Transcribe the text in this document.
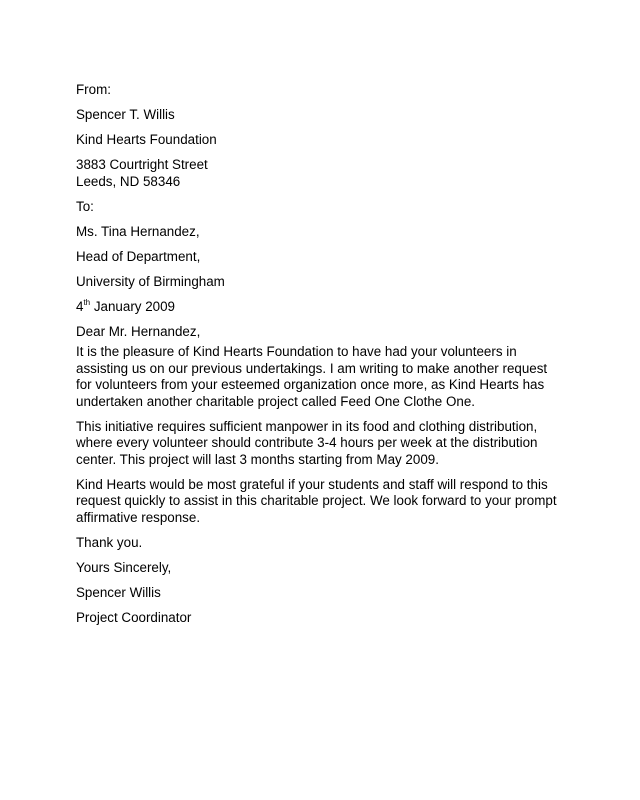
From:
Spencer T. Willis
Kind Hearts Foundation
3883 Courtright Street
Leeds, ND 58346
To:
Ms. Tina Hernandez,
Head of Department,
University of Birmingham
4th January 2009
Dear Mr. Hernandez,
It is the pleasure of Kind Hearts Foundation to have had your volunteers in assisting us on our previous undertakings. I am writing to make another request for volunteers from your esteemed organization once more, as Kind Hearts has undertaken another charitable project called Feed One Clothe One.
This initiative requires sufficient manpower in its food and clothing distribution, where every volunteer should contribute 3-4 hours per week at the distribution center. This project will last 3 months starting from May 2009.
Kind Hearts would be most grateful if your students and staff will respond to this request quickly to assist in this charitable project. We look forward to your prompt affirmative response.
Thank you.
Yours Sincerely,
Spencer Willis
Project Coordinator
